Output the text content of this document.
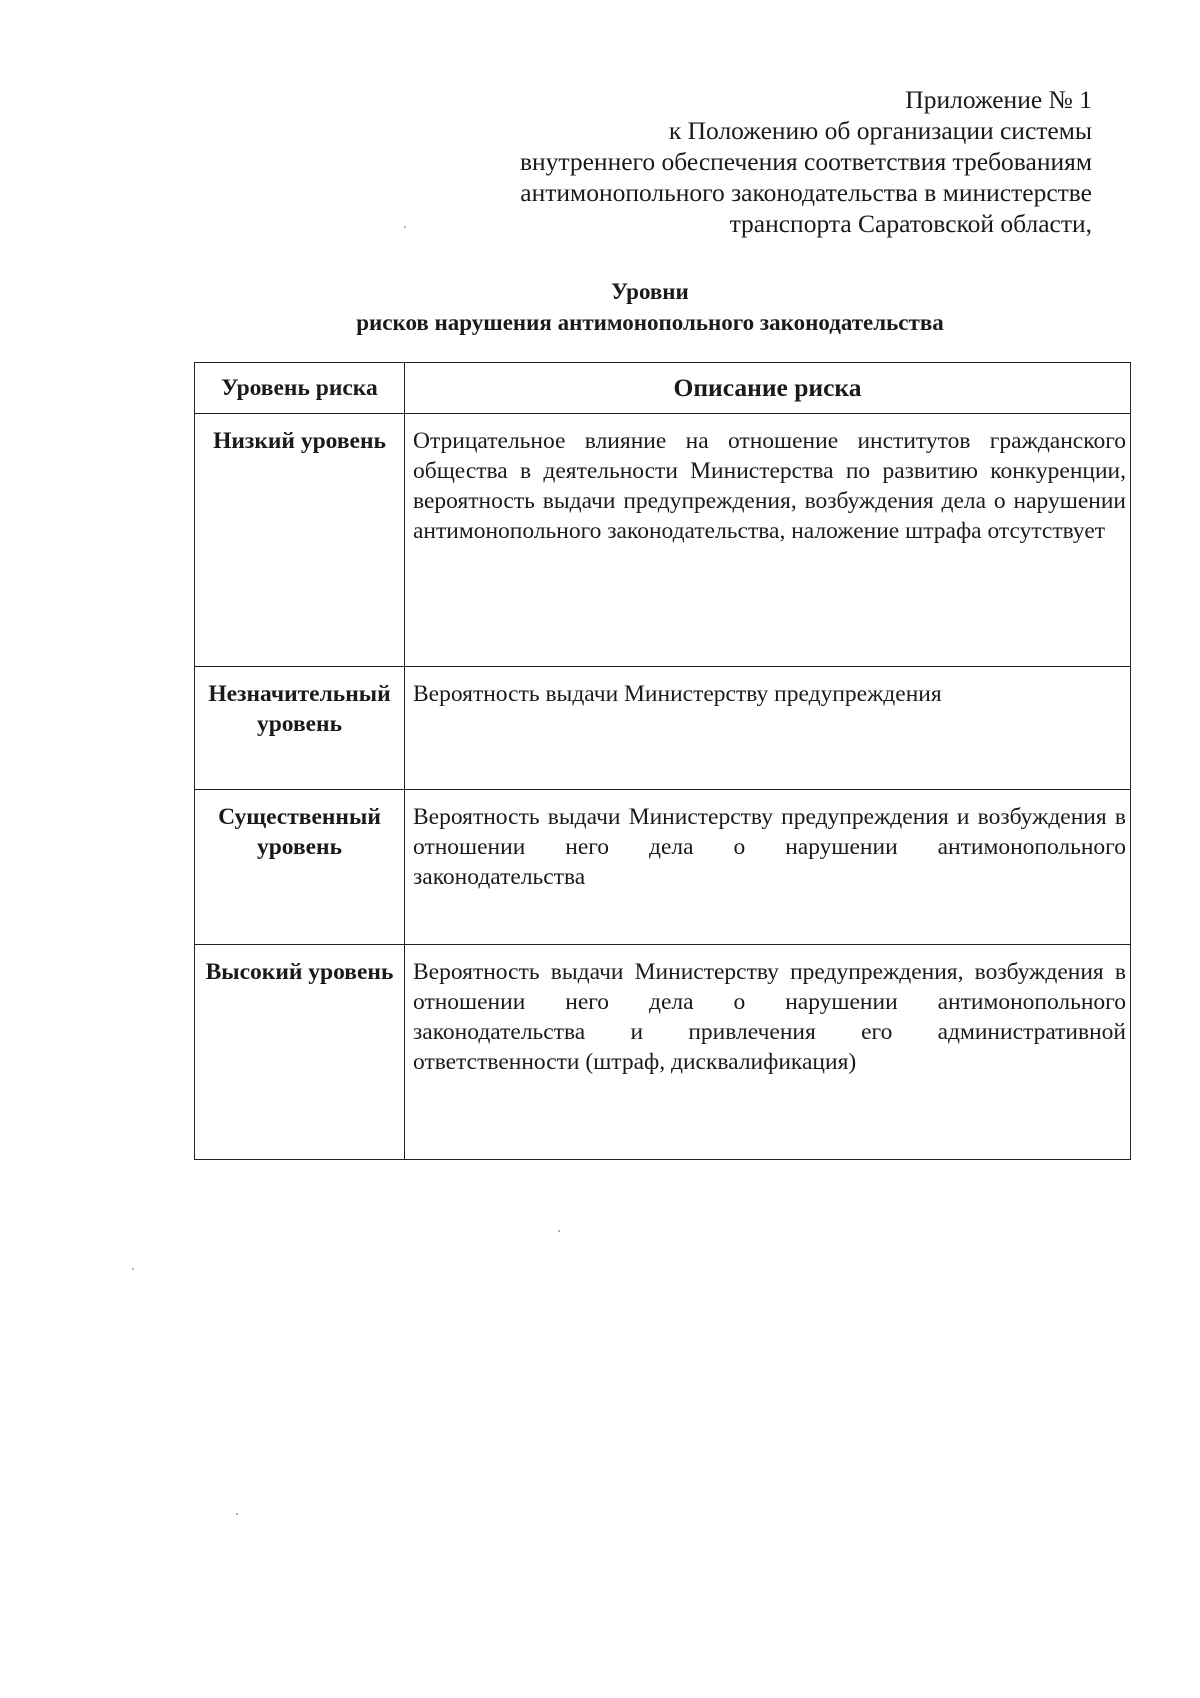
Приложение № 1
к Положению об организации системы
внутреннего обеспечения соответствия требованиям
антимонопольного законодательства в министерстве
транспорта Саратовской области,
Уровни
рисков нарушения антимонопольного законодательства
Уровень риска	Описание риска
Низкий уровень	Отрицательное влияние на отношение институтов гражданского общества в деятельности Министерства по развитию конкуренции, вероятность выдачи предупреждения, возбуждения дела о нарушении антимонопольного законодательства, наложение штрафа отсутствует
Незначительный уровень	Вероятность выдачи Министерству предупреждения
Существенный уровень	Вероятность выдачи Министерству предупреждения и возбуждения в отношении него дела о нарушении антимонопольного законодательства
Высокий уровень	Вероятность выдачи Министерству предупреждения, возбуждения в отношении него дела о нарушении антимонопольного законодательства и привлечения его административной ответственности (штраф, дисквалификация)
